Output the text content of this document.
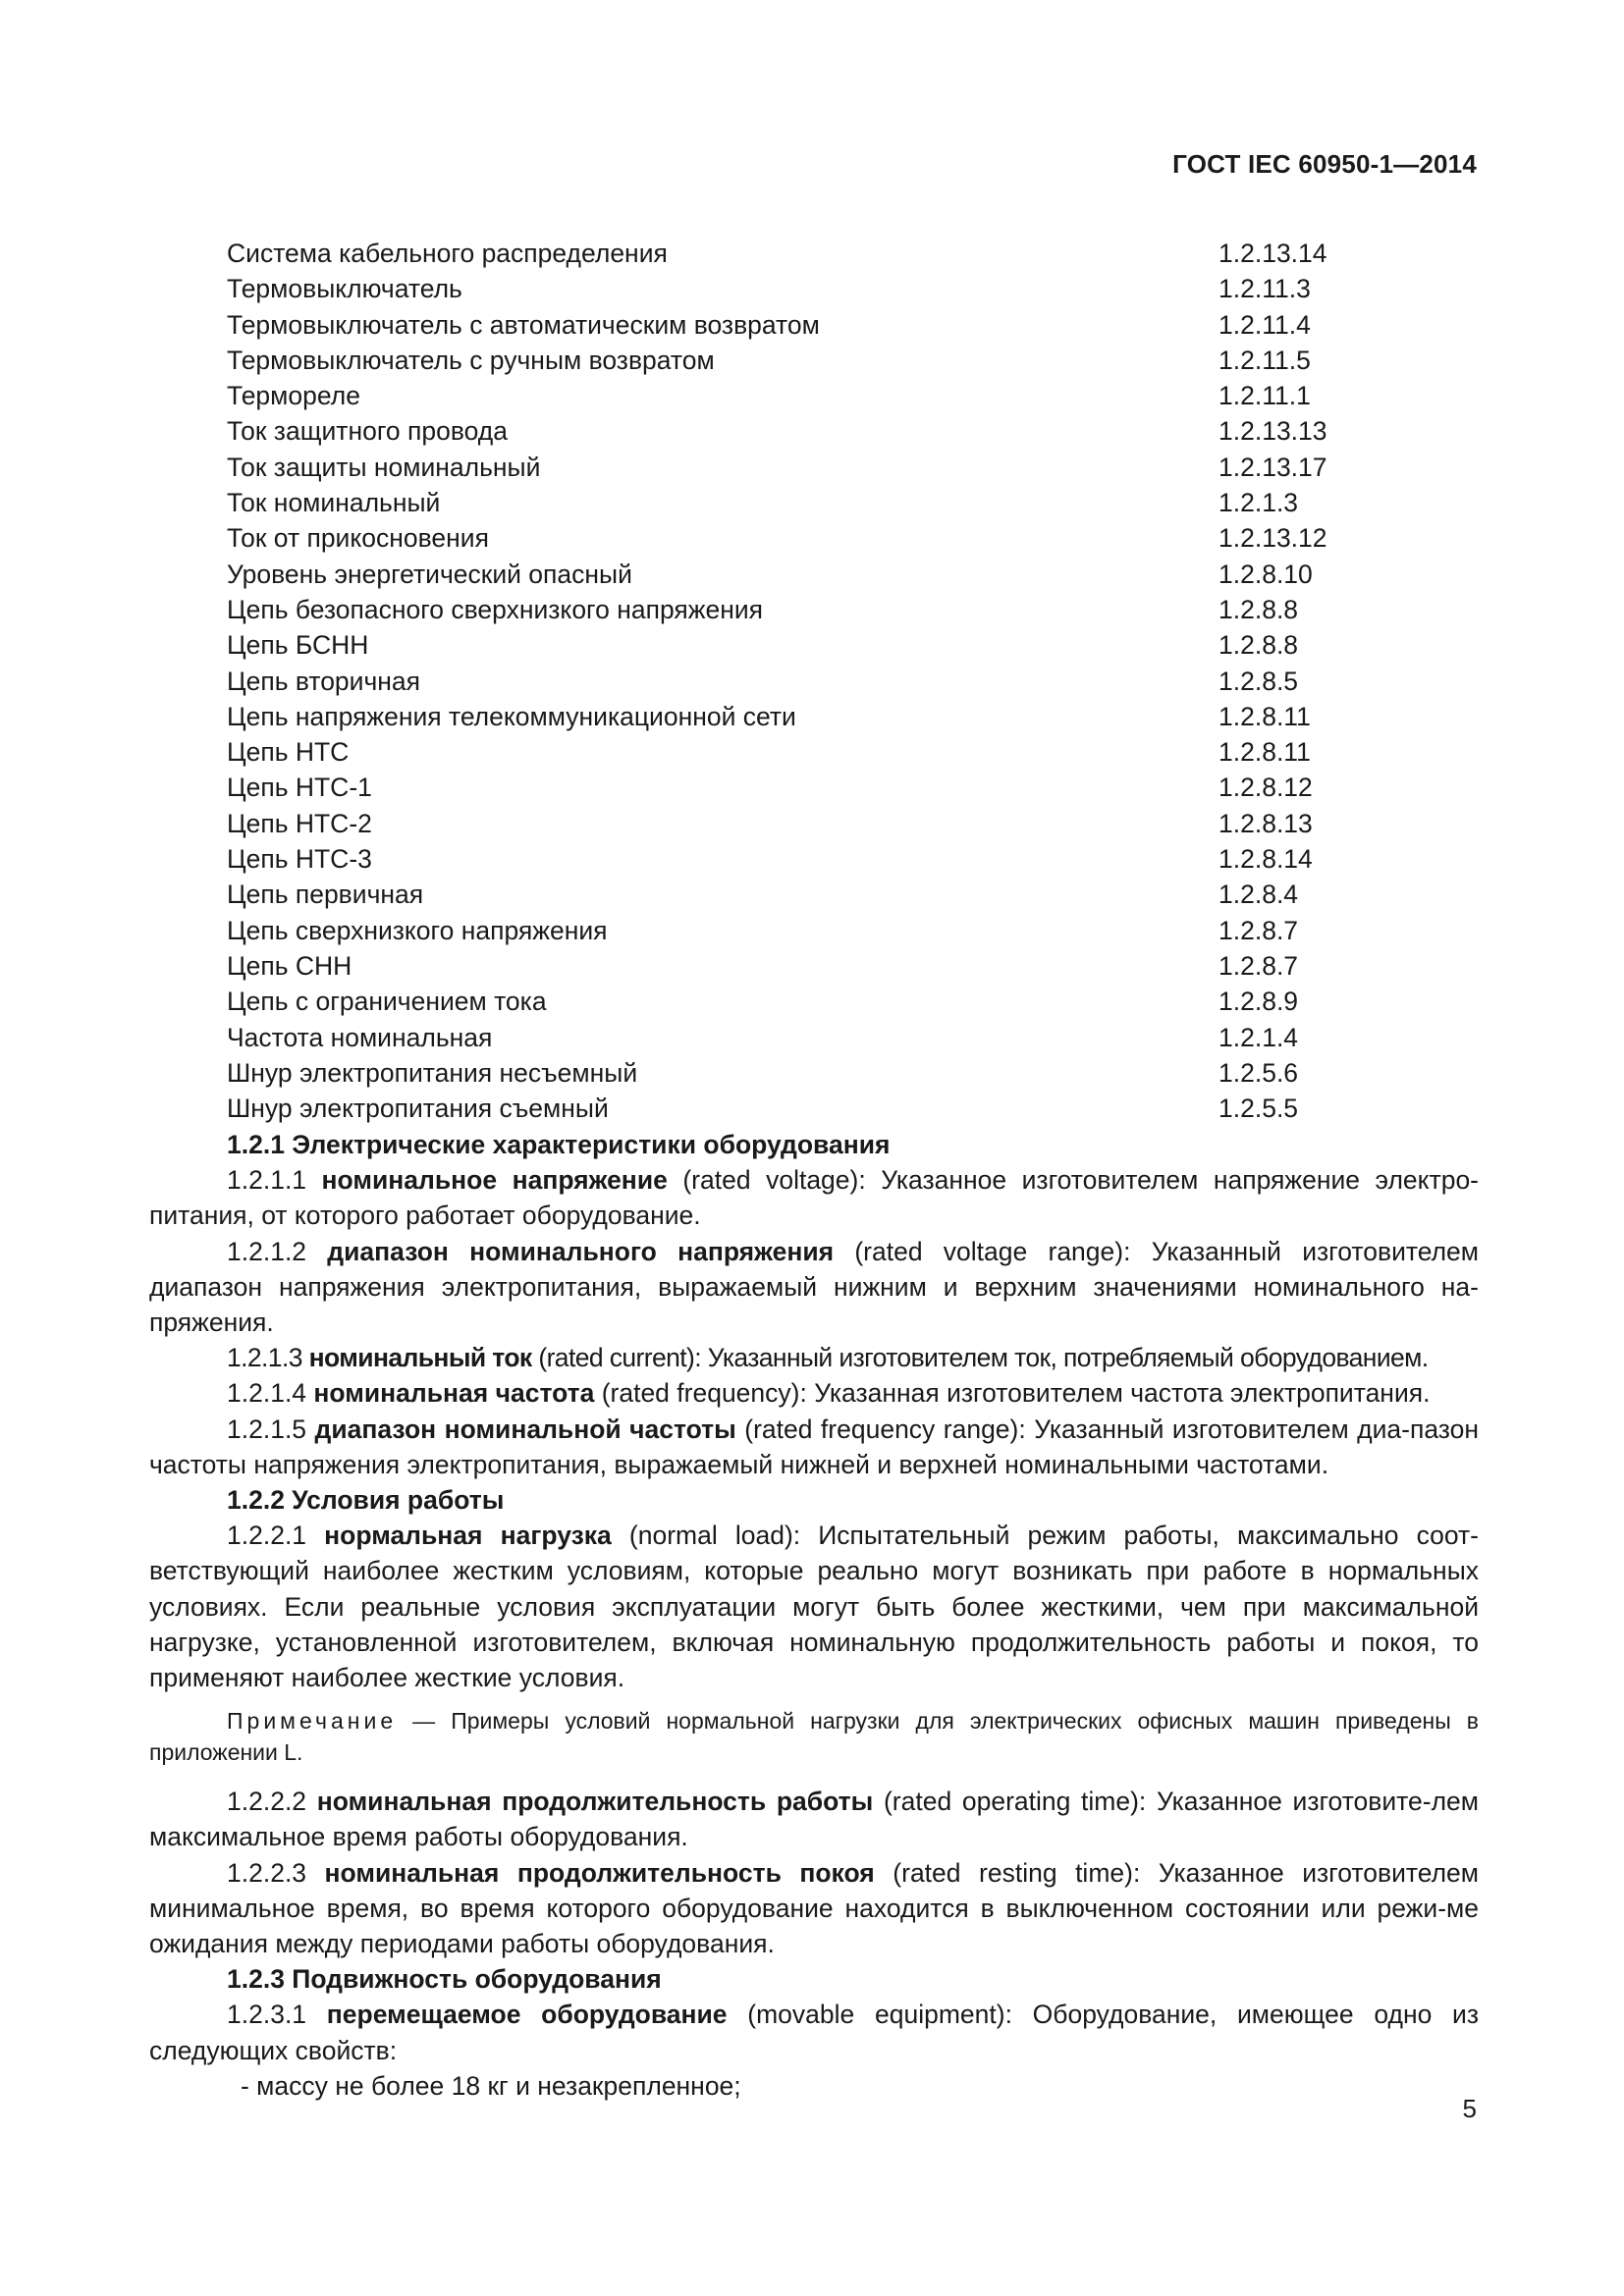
ГОСТ IEC 60950-1—2014
Система кабельного распределения	1.2.13.14
Термовыключатель	1.2.11.3
Термовыключатель с автоматическим возвратом	1.2.11.4
Термовыключатель с ручным возвратом	1.2.11.5
Термореле	1.2.11.1
Ток защитного провода	1.2.13.13
Ток защиты номинальный	1.2.13.17
Ток номинальный	1.2.1.3
Ток от прикосновения	1.2.13.12
Уровень энергетический опасный	1.2.8.10
Цепь безопасного сверхнизкого напряжения	1.2.8.8
Цепь БСНН	1.2.8.8
Цепь вторичная	1.2.8.5
Цепь напряжения телекоммуникационной сети	1.2.8.11
Цепь НТС	1.2.8.11
Цепь НТС-1	1.2.8.12
Цепь НТС-2	1.2.8.13
Цепь НТС-3	1.2.8.14
Цепь первичная	1.2.8.4
Цепь сверхнизкого напряжения	1.2.8.7
Цепь СНН	1.2.8.7
Цепь с ограничением тока	1.2.8.9
Частота номинальная	1.2.1.4
Шнур электропитания несъемный	1.2.5.6
Шнур электропитания съемный	1.2.5.5

1.2.1 Электрические характеристики оборудования

1.2.1.1 номинальное напряжение (rated voltage): Указанное изготовителем напряжение электро-питания, от которого работает оборудование.

1.2.1.2 диапазон номинального напряжения (rated voltage range): Указанный изготовителем диапазон напряжения электропитания, выражаемый нижним и верхним значениями номинального на-пряжения.

1.2.1.3 номинальный ток (rated current): Указанный изготовителем ток, потребляемый оборудованием.

1.2.1.4 номинальная частота (rated frequency): Указанная изготовителем частота электропитания.

1.2.1.5 диапазон номинальной частоты (rated frequency range): Указанный изготовителем диа-пазон частоты напряжения электропитания, выражаемый нижней и верхней номинальными частотами.

1.2.2 Условия работы

1.2.2.1 нормальная нагрузка (normal load): Испытательный режим работы, максимально соот-ветствующий наиболее жестким условиям, которые реально могут возникать при работе в нормальных условиях. Если реальные условия эксплуатации могут быть более жесткими, чем при максимальной нагрузке, установленной изготовителем, включая номинальную продолжительность работы и покоя, то применяют наиболее жесткие условия.

Примечание — Примеры условий нормальной нагрузки для электрических офисных машин приведены в приложении L.

1.2.2.2 номинальная продолжительность работы (rated operating time): Указанное изготовите-лем максимальное время работы оборудования.

1.2.2.3 номинальная продолжительность покоя (rated resting time): Указанное изготовителем минимальное время, во время которого оборудование находится в выключенном состоянии или режи-ме ожидания между периодами работы оборудования.

1.2.3 Подвижность оборудования

1.2.3.1 перемещаемое оборудование (movable equipment): Оборудование, имеющее одно из следующих свойств:

- массу не более 18 кг и незакрепленное;

5
